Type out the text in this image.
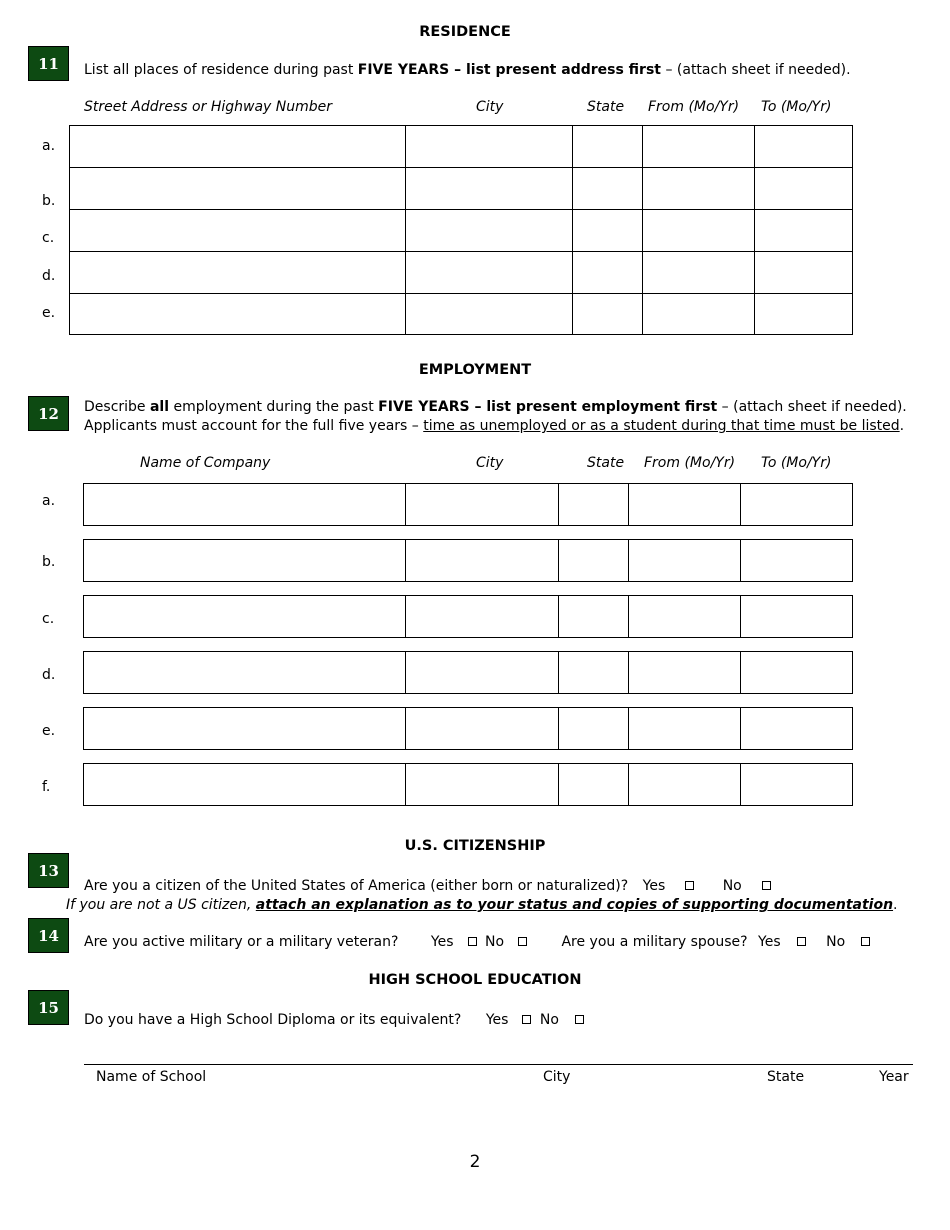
RESIDENCE
11	List all places of residence during past FIVE YEARS – list present address first – (attach sheet if needed).
Street Address or Highway Number	City	State From (Mo/Yr) To (Mo/Yr)
a.
b.
c.
d.
e.
EMPLOYMENT
12	Describe all employment during the past FIVE YEARS – list present employment first – (attach sheet if needed).
Applicants must account for the full five years – time as unemployed or as a student during that time must be listed.
Name of Company	City	State From (Mo/Yr) To (Mo/Yr)
a.
b.
c.
d.
e.
f.
U.S. CITIZENSHIP
13
Are you a citizen of the United States of America (either born or naturalized)? Yes	No
If you are not a US citizen, attach an explanation as to your status and copies of supporting documentation.
14	Are you active military or a military veteran? Yes No	Are you a military spouse? Yes	No
HIGH SCHOOL EDUCATION
15
Do you have a High School Diploma or its equivalent? Yes No
Name of School	City	State	Year
2
